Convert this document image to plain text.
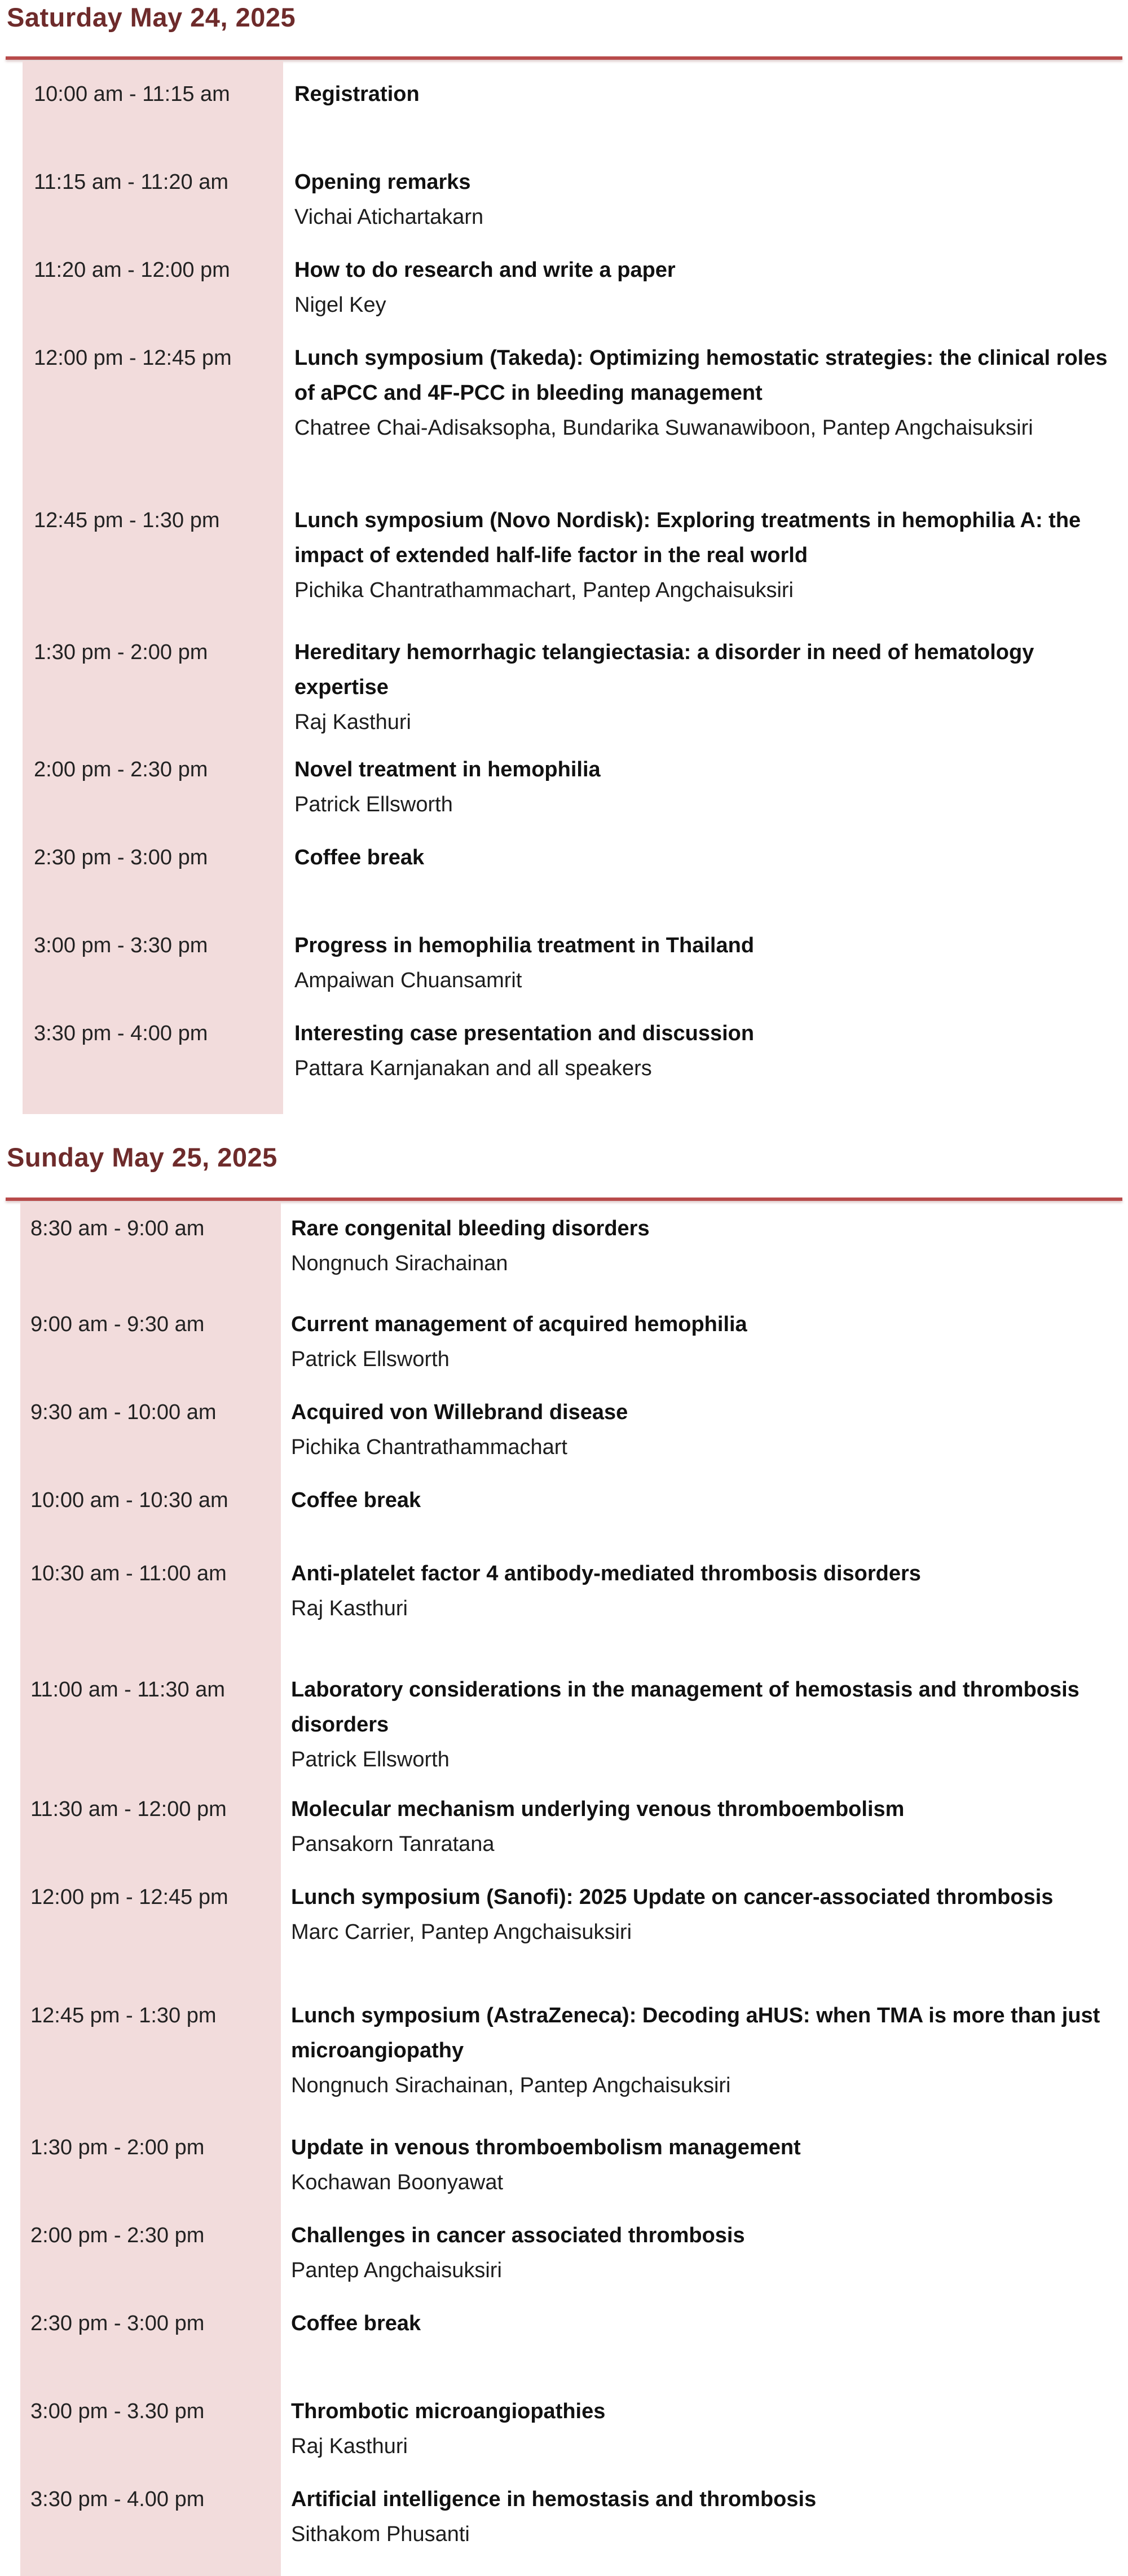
Saturday May 24, 2025
10:00 am - 11:15 am	Registration
11:15 am - 11:20 am	Opening remarks
Vichai Atichartakarn
11:20 am - 12:00 pm	How to do research and write a paper
Nigel Key
12:00 pm - 12:45 pm	Lunch symposium (Takeda): Optimizing hemostatic strategies: the clinical roles of aPCC and 4F-PCC in bleeding management
Chatree Chai-Adisaksopha, Bundarika Suwanawiboon, Pantep Angchaisuksiri
12:45 pm - 1:30 pm	Lunch symposium (Novo Nordisk): Exploring treatments in hemophilia A: the impact of extended half-life factor in the real world
Pichika Chantrathammachart, Pantep Angchaisuksiri
1:30 pm - 2:00 pm	Hereditary hemorrhagic telangiectasia: a disorder in need of hematology expertise
Raj Kasthuri
2:00 pm - 2:30 pm	Novel treatment in hemophilia
Patrick Ellsworth
2:30 pm - 3:00 pm	Coffee break
3:00 pm - 3:30 pm	Progress in hemophilia treatment in Thailand
Ampaiwan Chuansamrit
3:30 pm - 4:00 pm	Interesting case presentation and discussion
Pattara Karnjanakan and all speakers
Sunday May 25, 2025
8:30 am - 9:00 am	Rare congenital bleeding disorders
Nongnuch Sirachainan
9:00 am - 9:30 am	Current management of acquired hemophilia
Patrick Ellsworth
9:30 am - 10:00 am	Acquired von Willebrand disease
Pichika Chantrathammachart
10:00 am - 10:30 am	Coffee break
10:30 am - 11:00 am	Anti-platelet factor 4 antibody-mediated thrombosis disorders
Raj Kasthuri
11:00 am - 11:30 am	Laboratory considerations in the management of hemostasis and thrombosis disorders
Patrick Ellsworth
11:30 am - 12:00 pm	Molecular mechanism underlying venous thromboembolism
Pansakorn Tanratana
12:00 pm - 12:45 pm	Lunch symposium (Sanofi): 2025 Update on cancer-associated thrombosis
Marc Carrier, Pantep Angchaisuksiri
12:45 pm - 1:30 pm	Lunch symposium (AstraZeneca): Decoding aHUS: when TMA is more than just microangiopathy
Nongnuch Sirachainan, Pantep Angchaisuksiri
1:30 pm - 2:00 pm	Update in venous thromboembolism management
Kochawan Boonyawat
2:00 pm - 2:30 pm	Challenges in cancer associated thrombosis
Pantep Angchaisuksiri
2:30 pm - 3:00 pm	Coffee break
3:00 pm - 3.30 pm	Thrombotic microangiopathies
Raj Kasthuri
3:30 pm - 4.00 pm	Artificial intelligence in hemostasis and thrombosis
Sithakom Phusanti
